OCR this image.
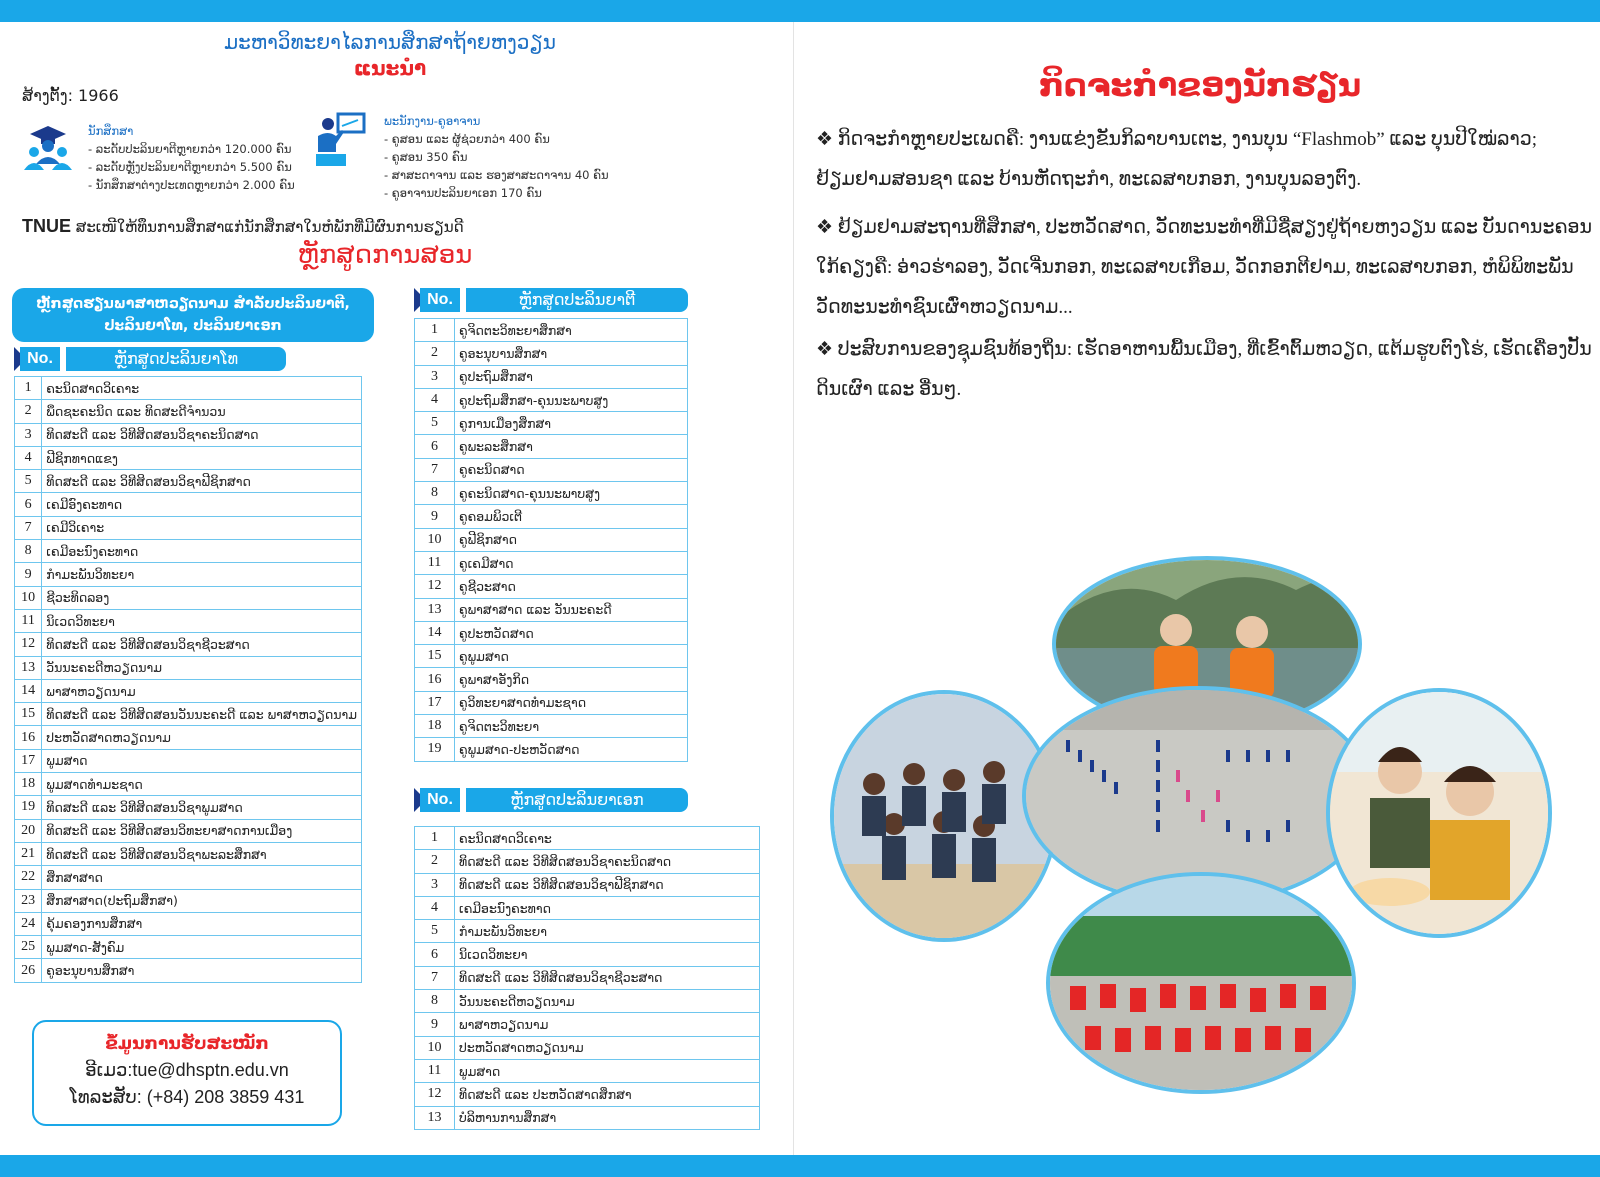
ມະຫາວິທະຍາໄລການສຶກສາຖ້າຍຫງວຽນ
ແນະນຳ
ສ້າງຕັ້ງ: 1966
ນັກສຶກສາ
- ລະດັບປະລິນຍາຕີຫຼາຍກວ່າ 120.000 ຄົນ
- ລະດັບຫຼັງປະລິນຍາຕີຫຼາຍກວ່າ 5.500 ຄົນ
- ນັກສຶກສາຕ່າງປະເທດຫຼາຍກວ່າ 2.000 ຄົນ
ພະນັກງານ-ຄູອາຈານ
- ຄູສອນ ແລະ ຜູ້ຊ່ວຍກວ່າ 400 ຄົນ
- ຄູສອນ 350 ຄົນ
- ສາສະດາຈານ ແລະ ຮອງສາສະດາຈານ 40 ຄົນ
- ຄູອາຈານປະລິນຍາເອກ 170 ຄົນ
TNUE ສະເໜີໃຫ້ທຶນການສຶກສາແກ່ນັກສຶກສາໃນຫໍພັກທີ່ມີຜົນການຮຽນດີ
ຫຼັກສູດການສອນ
ຫຼັກສູດຮຽນພາສາຫວຽດນາມ ສຳລັບປະລິນຍາຕີ, ປະລິນຍາໂທ, ປະລິນຍາເອກ
No.	ຫຼັກສູດປະລິນຍາໂທ
1	ຄະນິດສາດວິເຄາະ
2	ພຶດຊະຄະນິດ ແລະ ທິດສະດີຈຳນວນ
3	ທິດສະດີ ແລະ ວິທີສິດສອນວິຊາຄະນິດສາດ
4	ຟີຊິກທາດແຂງ
5	ທິດສະດີ ແລະ ວິທີສິດສອນວິຊາຟີຊິກສາດ
6	ເຄມີອົງຄະທາດ
7	ເຄມີວິເຄາະ
8	ເຄມີອະນົງຄະທາດ
9	ກຳມະພັນວິທະຍາ
10	ຊີວະທິດລອງ
11	ນິເວດວິທະຍາ
12	ທິດສະດີ ແລະ ວິທີສິດສອນວິຊາຊີວະສາດ
13	ວັນນະຄະດີຫວຽດນາມ
14	ພາສາຫວຽດນາມ
15	ທິດສະດີ ແລະ ວິທີສິດສອນວັນນະຄະດີ ແລະ ພາສາຫວຽດນາມ
16	ປະຫວັດສາດຫວຽດນາມ
17	ພູມສາດ
18	ພູມສາດທຳມະຊາດ
19	ທິດສະດີ ແລະ ວິທີສິດສອນວິຊາພູມສາດ
20	ທິດສະດີ ແລະ ວິທີສິດສອນວິທະຍາສາດການເມືອງ
21	ທິດສະດີ ແລະ ວິທີສິດສອນວິຊາພະລະສຶກສາ
22	ສຶກສາສາດ
23	ສຶກສາສາດ(ປະຖົມສຶກສາ)
24	ຄຸ້ມຄອງການສຶກສາ
25	ພູມສາດ-ສັງຄົມ
26	ຄູອະນຸບານສຶກສາ
No.	ຫຼັກສູດປະລິນຍາຕີ
1	ຄູຈິດຕະວິທະຍາສຶກສາ
2	ຄູອະນຸບານສຶກສາ
3	ຄູປະຖົມສຶກສາ
4	ຄູປະຖົມສຶກສາ-ຄຸນນະພາບສູງ
5	ຄູການເມືອງສຶກສາ
6	ຄູພະລະສຶກສາ
7	ຄູຄະນິດສາດ
8	ຄູຄະນິດສາດ-ຄຸນນະພາບສູງ
9	ຄູຄອມພິວເຕີ
10	ຄູຟີຊິກສາດ
11	ຄູເຄມີສາດ
12	ຄູຊີວະສາດ
13	ຄູພາສາສາດ ແລະ ວັນນະຄະດີ
14	ຄູປະຫວັດສາດ
15	ຄູພູມສາດ
16	ຄູພາສາອັງກິດ
17	ຄູວິທະຍາສາດທຳມະຊາດ
18	ຄູຈິດຕະວິທະຍາ
19	ຄູພູມສາດ-ປະຫວັດສາດ
No.	ຫຼັກສູດປະລິນຍາເອກ
1	ຄະນິດສາດວິເຄາະ
2	ທິດສະດີ ແລະ ວິທີສິດສອນວິຊາຄະນິດສາດ
3	ທິດສະດີ ແລະ ວິທີສິດສອນວິຊາຟີຊິກສາດ
4	ເຄມີອະນົງຄະທາດ
5	ກຳມະພັນວິທະຍາ
6	ນິເວດວິທະຍາ
7	ທິດສະດີ ແລະ ວິທີສິດສອນວິຊາຊີວະສາດ
8	ວັນນະຄະດີຫວຽດນາມ
9	ພາສາຫວຽດນາມ
10	ປະຫວັດສາດຫວຽດນາມ
11	ພູມສາດ
12	ທິດສະດີ ແລະ ປະຫວັດສາດສຶກສາ
13	ບໍລິຫານການສຶກສາ
ຂໍ້ມູນການຮັບສະໝັກ
ອີເມວ:tue@dhsptn.edu.vn
ໂທລະສັບ: (+84) 208 3859 431
ກິດຈະກຳຂອງນັກຮຽນ
❖ ກິດຈະກຳຫຼາຍປະເພດຄື: ງານແຂ່ງຂັນກິລາບານເຕະ, ງານບຸນ “Flashmob” ແລະ ບຸນປີໃໝ່ລາວ; ຢ້ຽມຢາມສອນຊາ ແລະ ບ້ານຫັດຖະກຳ, ທະເລສາບກອກ, ງານບຸນລອງຕົງ.
❖ ຢ້ຽມຢາມສະຖານທີ່ສຶກສາ, ປະຫວັດສາດ, ວັດທະນະທຳທີ່ມີຊື່ສຽງຢູ່ຖ້າຍຫງວຽນ ແລະ ບັນດານະຄອນໃກ້ຄຽງຄື: ອ່າວຮ່າລອງ, ວັດເຈີ່ນກອກ, ທະເລສາບເກືອມ, ວັດກອກຕີຢາມ, ທະເລສາບກອກ, ຫໍພິພິທະພັນວັດທະນະທຳຊົນເຜົ່າຫວຽດນາມ...
❖ ປະສົບການຂອງຊຸມຊົນທ້ອງຖິ່ນ: ເຮັດອາຫານພື້ນເມືອງ, ທີ່ເຂົ້າຕົ້ມຫວຽດ, ແຕ້ມຮູບຕົງໂຮ່, ເຮັດເຄື່ອງປັ້ນດິນເຜົາ ແລະ ອື່ນໆ.
